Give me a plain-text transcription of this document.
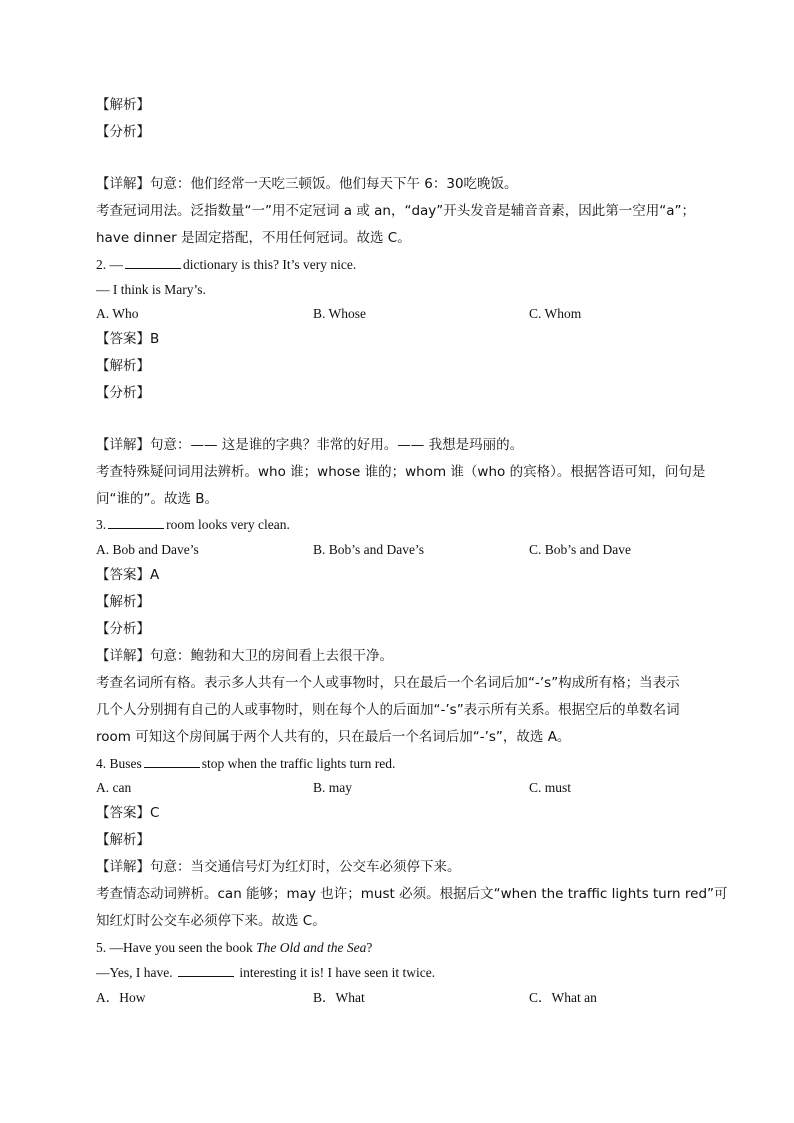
【解析】
【分析】
【详解】句意：他们经常一天吃三顿饭。他们每天下午 6：30吃晚饭。
考查冠词用法。泛指数量“一”用不定冠词 a 或 an，“day”开头发音是辅音音素，因此第一空用“a”；
have dinner 是固定搭配，不用任何冠词。故选 C。
2. —	dictionary is this? It’s very nice.
— I think is Mary’s.
A. Who	B. Whose	C. Whom
【答案】B
【解析】
【分析】
【详解】句意：—— 这是谁的字典？非常的好用。—— 我想是玛丽的。
考查特殊疑问词用法辨析。who 谁；whose 谁的；whom 谁（who 的宾格）。根据答语可知，问句是
问“谁的”。故选 B。
3.	room looks very clean.
A. Bob and Dave’s	B. Bob’s and Dave’s	C. Bob’s and Dave
【答案】A
【解析】
【分析】
【详解】句意：鲍勃和大卫的房间看上去很干净。
考查名词所有格。表示多人共有一个人或事物时，只在最后一个名词后加“-’s”构成所有格；当表示
几个人分别拥有自己的人或事物时，则在每个人的后面加“-’s”表示所有关系。根据空后的单数名词
room 可知这个房间属于两个人共有的，只在最后一个名词后加“-’s”，故选 A。
4. Buses	stop when the traffic lights turn red.
A. can	B. may	C. must
【答案】C
【解析】
【详解】句意：当交通信号灯为红灯时，公交车必须停下来。
考查情态动词辨析。can 能够；may 也许；must 必须。根据后文“when the traffic lights turn red”可
知红灯时公交车必须停下来。故选 C。
5. —Have you seen the book The Old and the Sea?
—Yes, I have.	interesting it is! I have seen it twice.
A．How	B．What	C．What an
